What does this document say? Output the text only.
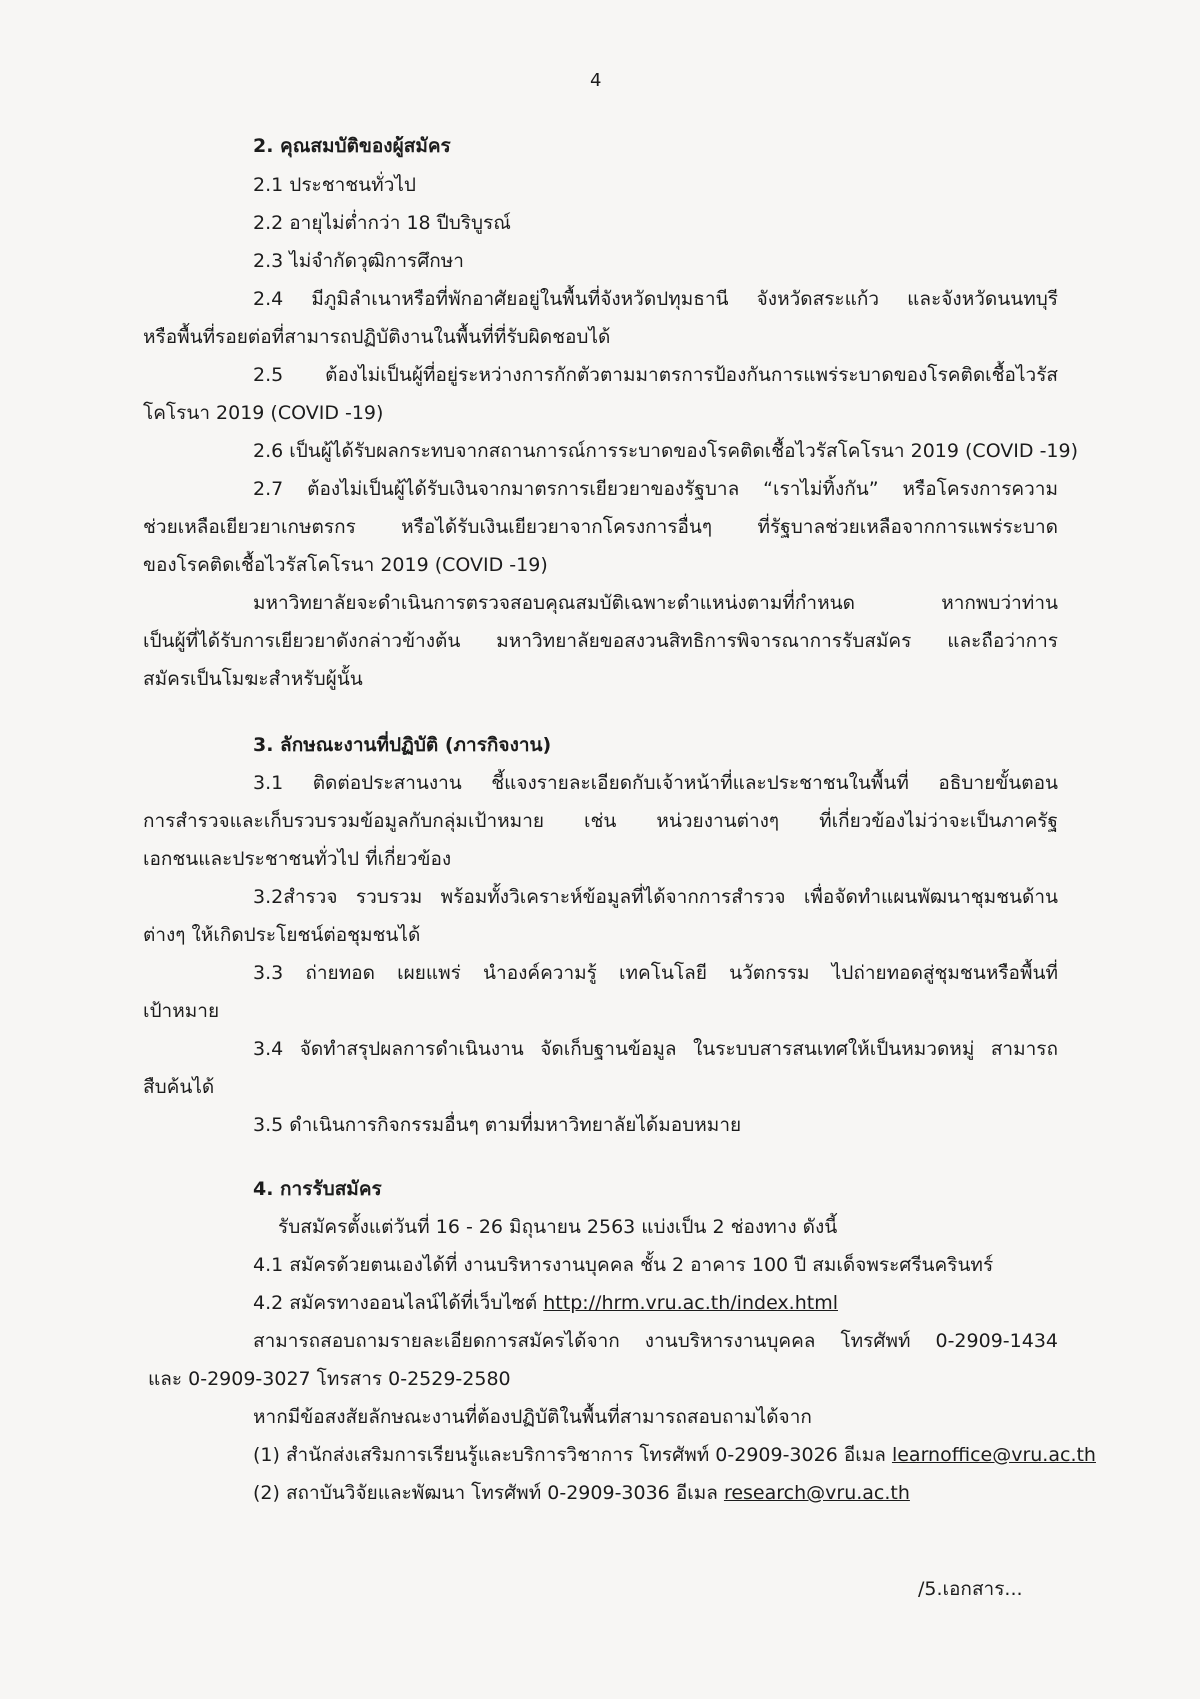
4
2. คุณสมบัติของผู้สมัคร
2.1 ประชาชนทั่วไป
2.2 อายุไม่ต่ำกว่า 18 ปีบริบูรณ์
2.3 ไม่จำกัดวุฒิการศึกษา
2.4 มีภูมิลำเนาหรือที่พักอาศัยอยู่ในพื้นที่จังหวัดปทุมธานี จังหวัดสระแก้ว และจังหวัดนนทบุรี
หรือพื้นที่รอยต่อที่สามารถปฏิบัติงานในพื้นที่ที่รับผิดชอบได้
2.5 ต้องไม่เป็นผู้ที่อยู่ระหว่างการกักตัวตามมาตรการป้องกันการแพร่ระบาดของโรคติดเชื้อไวรัส
โคโรนา 2019 (COVID -19)
2.6 เป็นผู้ได้รับผลกระทบจากสถานการณ์การระบาดของโรคติดเชื้อไวรัสโคโรนา 2019 (COVID -19)
2.7 ต้องไม่เป็นผู้ได้รับเงินจากมาตรการเยียวยาของรัฐบาล “เราไม่ทิ้งกัน” หรือโครงการความ
ช่วยเหลือเยียวยาเกษตรกร หรือได้รับเงินเยียวยาจากโครงการอื่นๆ ที่รัฐบาลช่วยเหลือจากการแพร่ระบาด
ของโรคติดเชื้อไวรัสโคโรนา 2019 (COVID -19)
มหาวิทยาลัยจะดำเนินการตรวจสอบคุณสมบัติเฉพาะตำแหน่งตามที่กำหนด หากพบว่าท่าน
เป็นผู้ที่ได้รับการเยียวยาดังกล่าวข้างต้น มหาวิทยาลัยขอสงวนสิทธิการพิจารณาการรับสมัคร และถือว่าการ
สมัครเป็นโมฆะสำหรับผู้นั้น
3. ลักษณะงานที่ปฏิบัติ (ภารกิจงาน)
3.1 ติดต่อประสานงาน ชี้แจงรายละเอียดกับเจ้าหน้าที่และประชาชนในพื้นที่ อธิบายขั้นตอน
การสำรวจและเก็บรวบรวมข้อมูลกับกลุ่มเป้าหมาย เช่น หน่วยงานต่างๆ ที่เกี่ยวข้องไม่ว่าจะเป็นภาครัฐ
เอกชนและประชาชนทั่วไป ที่เกี่ยวข้อง
3.2สำรวจ รวบรวม พร้อมทั้งวิเคราะห์ข้อมูลที่ได้จากการสำรวจ เพื่อจัดทำแผนพัฒนาชุมชนด้าน
ต่างๆ ให้เกิดประโยชน์ต่อชุมชนได้
3.3 ถ่ายทอด เผยแพร่ นำองค์ความรู้ เทคโนโลยี นวัตกรรม ไปถ่ายทอดสู่ชุมชนหรือพื้นที่
เป้าหมาย
3.4 จัดทำสรุปผลการดำเนินงาน จัดเก็บฐานข้อมูล ในระบบสารสนเทศให้เป็นหมวดหมู่ สามารถ
สืบค้นได้
3.5 ดำเนินการกิจกรรมอื่นๆ ตามที่มหาวิทยาลัยได้มอบหมาย
4. การรับสมัคร
รับสมัครตั้งแต่วันที่ 16 - 26 มิถุนายน 2563 แบ่งเป็น 2 ช่องทาง ดังนี้
4.1 สมัครด้วยตนเองได้ที่ งานบริหารงานบุคคล ชั้น 2 อาคาร 100 ปี สมเด็จพระศรีนครินทร์
4.2 สมัครทางออนไลน์ได้ที่เว็บไซต์ http://hrm.vru.ac.th/index.html
สามารถสอบถามรายละเอียดการสมัครได้จาก งานบริหารงานบุคคล โทรศัพท์ 0-2909-1434
และ 0-2909-3027 โทรสาร 0-2529-2580
หากมีข้อสงสัยลักษณะงานที่ต้องปฏิบัติในพื้นที่สามารถสอบถามได้จาก
(1) สำนักส่งเสริมการเรียนรู้และบริการวิชาการ โทรศัพท์ 0-2909-3026 อีเมล learnoffice@vru.ac.th
(2) สถาบันวิจัยและพัฒนา โทรศัพท์ 0-2909-3036 อีเมล research@vru.ac.th
/5.เอกสาร...
